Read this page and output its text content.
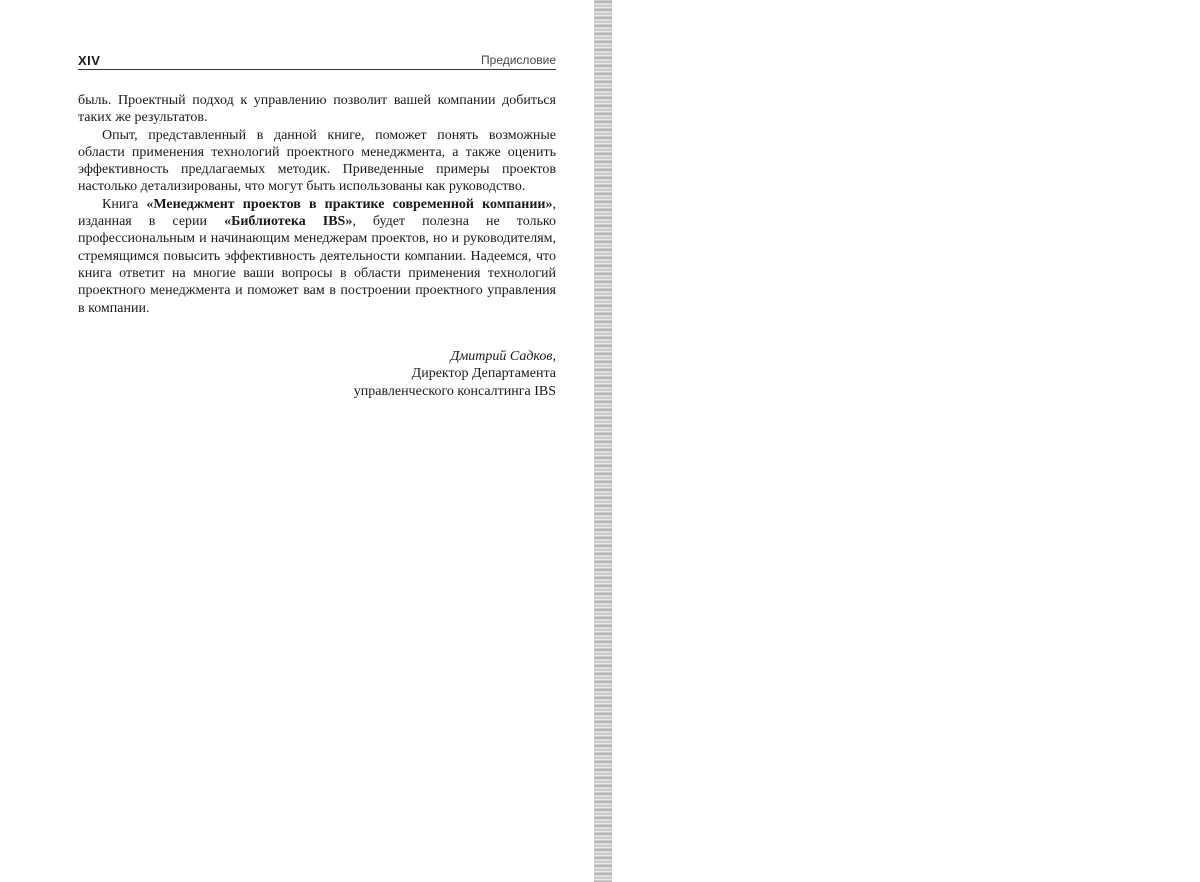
XIV	Предисловие

быль. Проектный подход к управлению позволит вашей компании добиться таких же результатов.

Опыт, представленный в данной книге, поможет понять возможные области применения технологий проектного менеджмента, а также оценить эффективность предлагаемых методик. Приведенные примеры проектов настолько детализированы, что могут быть использованы как руководство.

Книга «Менеджмент проектов в практике современной компании», изданная в серии «Библиотека IBS», будет полезна не только профессиональным и начинающим менеджерам проектов, но и руководителям, стремящимся повысить эффективность деятельности компании. Надеемся, что книга ответит на многие ваши вопросы в области применения технологий проектного менеджмента и поможет вам в построении проектного управления в компании.

Дмитрий Садков,
Директор Департамента
управленческого консалтинга IBS
